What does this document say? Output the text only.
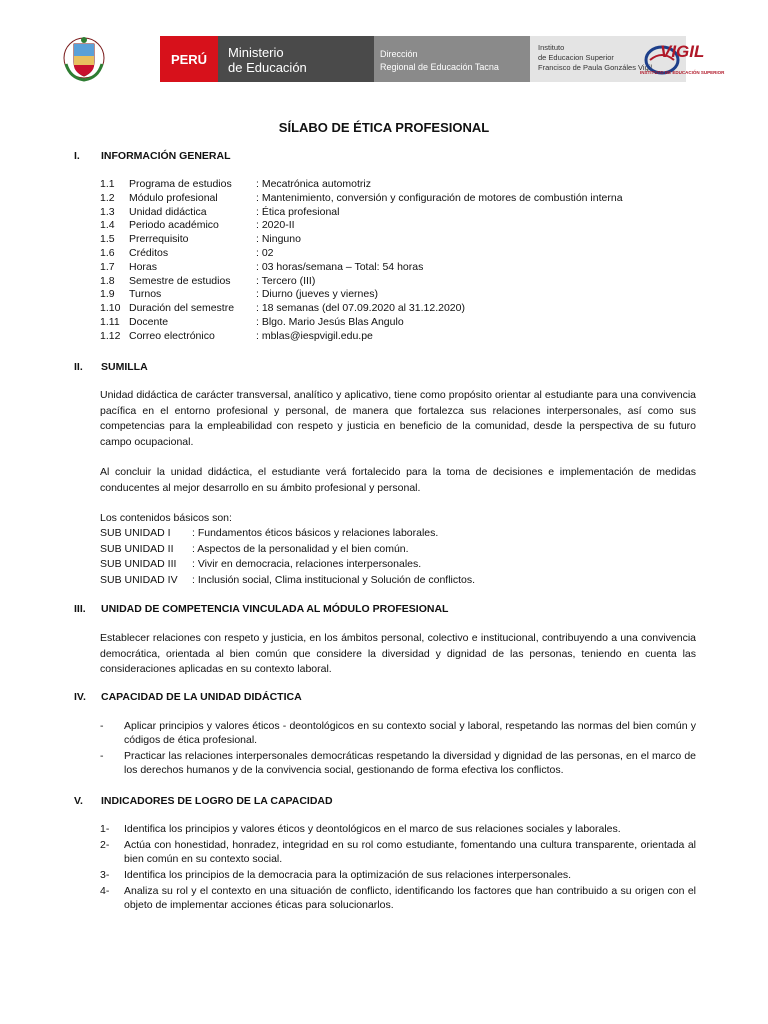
PERÚ	Ministerio
de Educación
Dirección
Regional de Educación Tacna
Instituto
de Educacion Superior
Francisco de Paula Gonzáles Vigil
VIGIL
INSTITUTO DE EDUCACIÓN SUPERIOR
SÍLABO DE ÉTICA PROFESIONAL
I. INFORMACIÓN GENERAL
1.1 Programa de estudios : Mecatrónica automotriz
1.2 Módulo profesional	: Mantenimiento, conversión y configuración de motores de combustión interna
1.3 Unidad didáctica	: Ética profesional
1.4 Periodo académico	: 2020-II
1.5 Prerrequisito	: Ninguno
1.6 Créditos	: 02
1.7 Horas	: 03 horas/semana – Total: 54 horas
1.8 Semestre de estudios : Tercero (III)
1.9 Turnos	: Diurno (jueves y viernes)
1.10 Duración del semestre : 18 semanas (del 07.09.2020 al 31.12.2020)
1.11 Docente	: Blgo. Mario Jesús Blas Angulo
1.12 Correo electrónico	: mblas@iespvigil.edu.pe
II. SUMILLA
Unidad didáctica de carácter transversal, analítico y aplicativo, tiene como propósito orientar al estudiante para una convivencia pacífica en el entorno profesional y personal, de manera que fortalezca sus relaciones interpersonales, así como sus competencias para la empleabilidad con respeto y justicia en beneficio de la comunidad, desde la perspectiva de su futuro campo ocupacional.
Al concluir la unidad didáctica, el estudiante verá fortalecido para la toma de decisiones e implementación de medidas conducentes al mejor desarrollo en su ámbito profesional y personal.
Los contenidos básicos son:
SUB UNIDAD I : Fundamentos éticos básicos y relaciones laborales.
SUB UNIDAD II : Aspectos de la personalidad y el bien común.
SUB UNIDAD III : Vivir en democracia, relaciones interpersonales.
SUB UNIDAD IV : Inclusión social, Clima institucional y Solución de conflictos.
III. UNIDAD DE COMPETENCIA VINCULADA AL MÓDULO PROFESIONAL
Establecer relaciones con respeto y justicia, en los ámbitos personal, colectivo e institucional, contribuyendo a una convivencia democrática, orientada al bien común que considere la diversidad y dignidad de las personas, teniendo en cuenta las consideraciones aplicadas en su contexto laboral.
IV. CAPACIDAD DE LA UNIDAD DIDÁCTICA
- Aplicar principios y valores éticos - deontológicos en su contexto social y laboral, respetando las normas del bien común y códigos de ética profesional.
- Practicar las relaciones interpersonales democráticas respetando la diversidad y dignidad de las personas, en el marco de los derechos humanos y de la convivencia social, gestionando de forma efectiva los conflictos.
V. INDICADORES DE LOGRO DE LA CAPACIDAD
1- Identifica los principios y valores éticos y deontológicos en el marco de sus relaciones sociales y laborales.
2- Actúa con honestidad, honradez, integridad en su rol como estudiante, fomentando una cultura transparente, orientada al bien común en su contexto social.
3- Identifica los principios de la democracia para la optimización de sus relaciones interpersonales.
4- Analiza su rol y el contexto en una situación de conflicto, identificando los factores que han contribuido a su origen con el objeto de implementar acciones éticas para solucionarlos.
